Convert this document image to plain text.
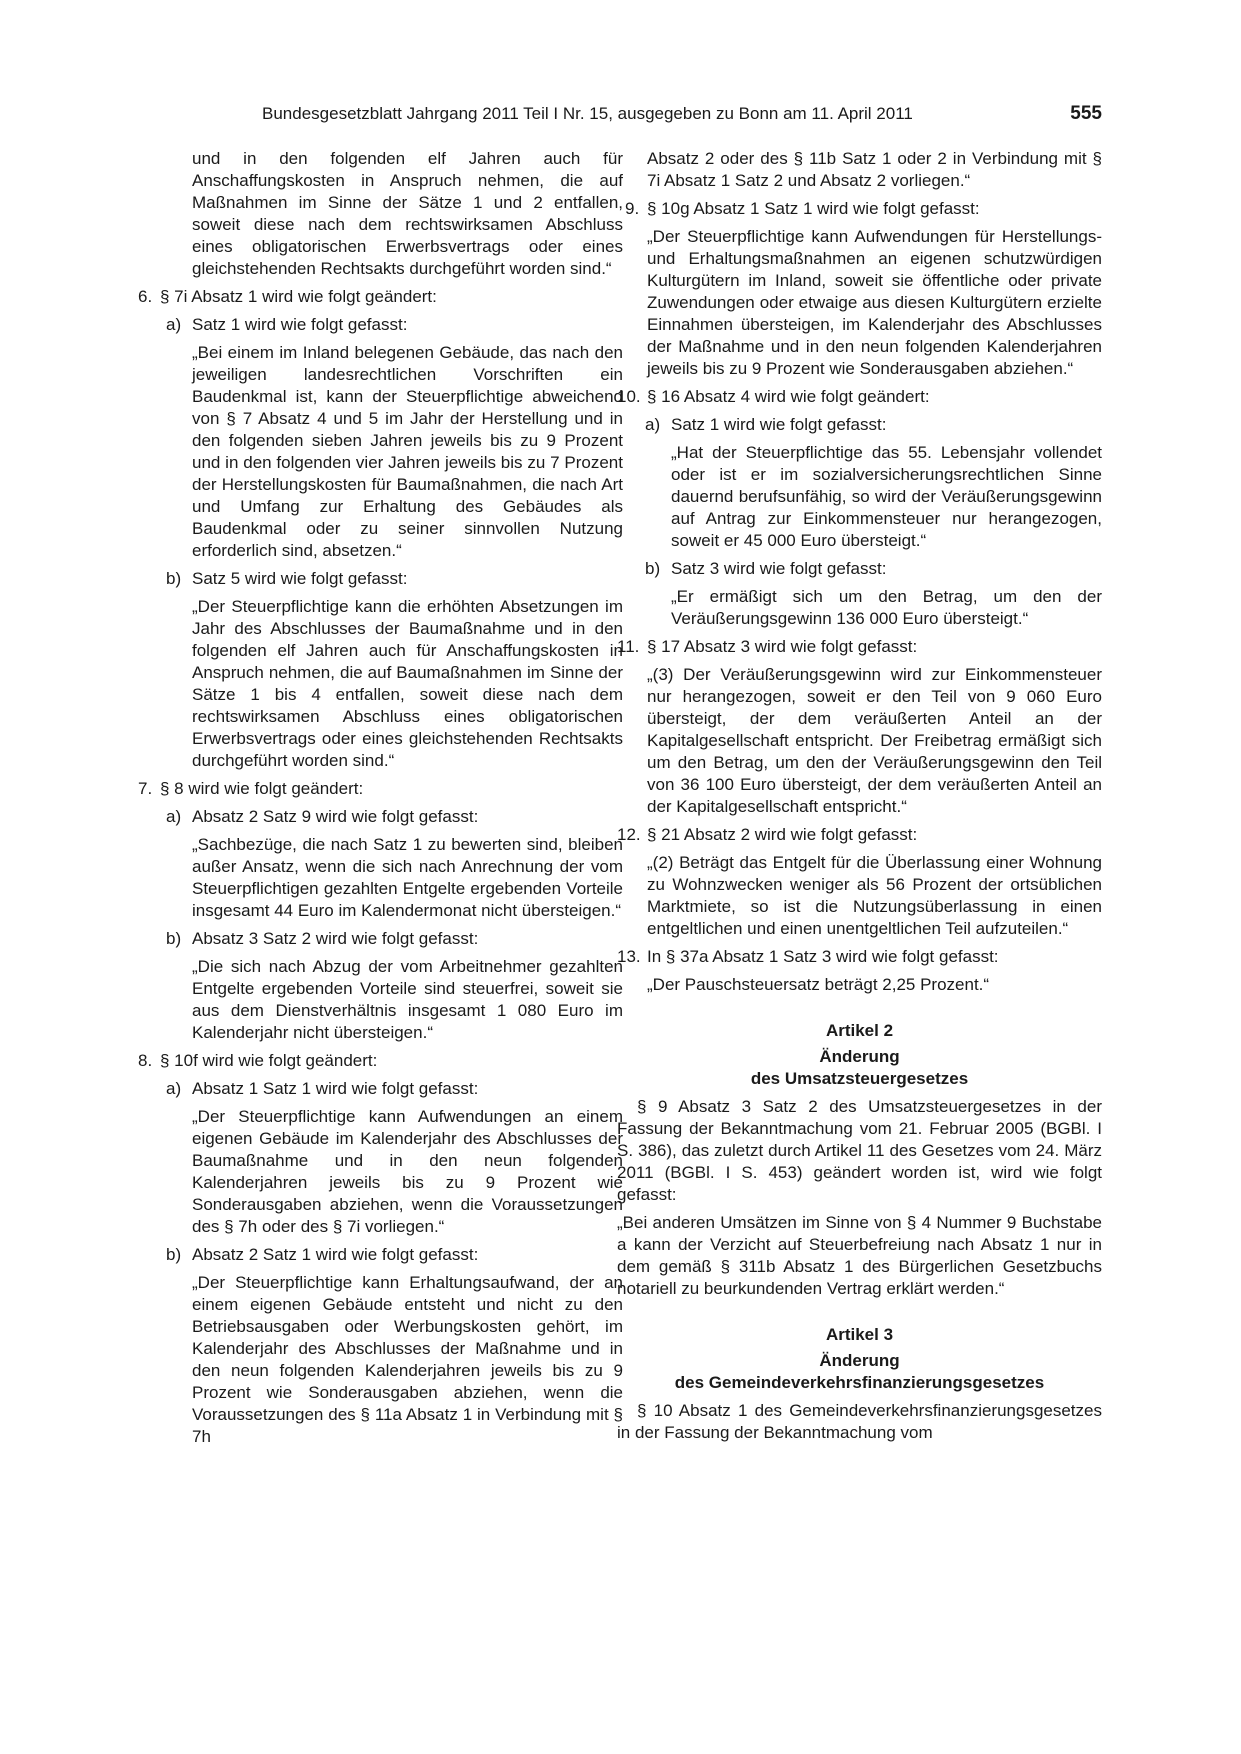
Bundesgesetzblatt Jahrgang 2011 Teil I Nr. 15, ausgegeben zu Bonn am 11. April 2011	555

und in den folgenden elf Jahren auch für Anschaffungskosten in Anspruch nehmen, die auf Maßnahmen im Sinne der Sätze 1 und 2 entfallen, soweit diese nach dem rechtswirksamen Abschluss eines obligatorischen Erwerbsvertrags oder eines gleichstehenden Rechtsakts durchgeführt worden sind.“

6. § 7i Absatz 1 wird wie folgt geändert:
a) Satz 1 wird wie folgt gefasst:

„Bei einem im Inland belegenen Gebäude, das nach den jeweiligen landesrechtlichen Vorschriften ein Baudenkmal ist, kann der Steuerpflichtige abweichend von § 7 Absatz 4 und 5 im Jahr der Herstellung und in den folgenden sieben Jahren jeweils bis zu 9 Prozent und in den folgenden vier Jahren jeweils bis zu 7 Prozent der Herstellungskosten für Baumaßnahmen, die nach Art und Umfang zur Erhaltung des Gebäudes als Baudenkmal oder zu seiner sinnvollen Nutzung erforderlich sind, absetzen.“

b) Satz 5 wird wie folgt gefasst:

„Der Steuerpflichtige kann die erhöhten Absetzungen im Jahr des Abschlusses der Baumaßnahme und in den folgenden elf Jahren auch für Anschaffungskosten in Anspruch nehmen, die auf Baumaßnahmen im Sinne der Sätze 1 bis 4 entfallen, soweit diese nach dem rechtswirksamen Abschluss eines obligatorischen Erwerbsvertrags oder eines gleichstehenden Rechtsakts durchgeführt worden sind.“

7. § 8 wird wie folgt geändert:
a) Absatz 2 Satz 9 wird wie folgt gefasst:

„Sachbezüge, die nach Satz 1 zu bewerten sind, bleiben außer Ansatz, wenn die sich nach Anrechnung der vom Steuerpflichtigen gezahlten Entgelte ergebenden Vorteile insgesamt 44 Euro im Kalendermonat nicht übersteigen.“

b) Absatz 3 Satz 2 wird wie folgt gefasst:

„Die sich nach Abzug der vom Arbeitnehmer gezahlten Entgelte ergebenden Vorteile sind steuerfrei, soweit sie aus dem Dienstverhältnis insgesamt 1 080 Euro im Kalenderjahr nicht übersteigen.“

8. § 10f wird wie folgt geändert:
a) Absatz 1 Satz 1 wird wie folgt gefasst:

„Der Steuerpflichtige kann Aufwendungen an einem eigenen Gebäude im Kalenderjahr des Abschlusses der Baumaßnahme und in den neun folgenden Kalenderjahren jeweils bis zu 9 Prozent wie Sonderausgaben abziehen, wenn die Voraussetzungen des § 7h oder des § 7i vorliegen.“

b) Absatz 2 Satz 1 wird wie folgt gefasst:

„Der Steuerpflichtige kann Erhaltungsaufwand, der an einem eigenen Gebäude entsteht und nicht zu den Betriebsausgaben oder Werbungskosten gehört, im Kalenderjahr des Abschlusses der Maßnahme und in den neun folgenden Kalenderjahren jeweils bis zu 9 Prozent wie Sonderausgaben abziehen, wenn die Voraussetzungen des § 11a Absatz 1 in Verbindung mit § 7h

Absatz 2 oder des § 11b Satz 1 oder 2 in Verbindung mit § 7i Absatz 1 Satz 2 und Absatz 2 vorliegen.“

9. § 10g Absatz 1 Satz 1 wird wie folgt gefasst:

„Der Steuerpflichtige kann Aufwendungen für Herstellungs- und Erhaltungsmaßnahmen an eigenen schutzwürdigen Kulturgütern im Inland, soweit sie öffentliche oder private Zuwendungen oder etwaige aus diesen Kulturgütern erzielte Einnahmen übersteigen, im Kalenderjahr des Abschlusses der Maßnahme und in den neun folgenden Kalenderjahren jeweils bis zu 9 Prozent wie Sonderausgaben abziehen.“

10. § 16 Absatz 4 wird wie folgt geändert:
a) Satz 1 wird wie folgt gefasst:

„Hat der Steuerpflichtige das 55. Lebensjahr vollendet oder ist er im sozialversicherungsrechtlichen Sinne dauernd berufsunfähig, so wird der Veräußerungsgewinn auf Antrag zur Einkommensteuer nur herangezogen, soweit er 45 000 Euro übersteigt.“

b) Satz 3 wird wie folgt gefasst:

„Er ermäßigt sich um den Betrag, um den der Veräußerungsgewinn 136 000 Euro übersteigt.“

11. § 17 Absatz 3 wird wie folgt gefasst:

„(3) Der Veräußerungsgewinn wird zur Einkommensteuer nur herangezogen, soweit er den Teil von 9 060 Euro übersteigt, der dem veräußerten Anteil an der Kapitalgesellschaft entspricht. Der Freibetrag ermäßigt sich um den Betrag, um den der Veräußerungsgewinn den Teil von 36 100 Euro übersteigt, der dem veräußerten Anteil an der Kapitalgesellschaft entspricht.“

12. § 21 Absatz 2 wird wie folgt gefasst:

„(2) Beträgt das Entgelt für die Überlassung einer Wohnung zu Wohnzwecken weniger als 56 Prozent der ortsüblichen Marktmiete, so ist die Nutzungsüberlassung in einen entgeltlichen und einen unentgeltlichen Teil aufzuteilen.“

13. In § 37a Absatz 1 Satz 3 wird wie folgt gefasst:

„Der Pauschsteuersatz beträgt 2,25 Prozent.“

Artikel 2

Änderung

des Umsatzsteuergesetzes

§ 9 Absatz 3 Satz 2 des Umsatzsteuergesetzes in der Fassung der Bekanntmachung vom 21. Februar 2005 (BGBl. I S. 386), das zuletzt durch Artikel 11 des Gesetzes vom 24. März 2011 (BGBl. I S. 453) geändert worden ist, wird wie folgt gefasst:

„Bei anderen Umsätzen im Sinne von § 4 Nummer 9 Buchstabe a kann der Verzicht auf Steuerbefreiung nach Absatz 1 nur in dem gemäß § 311b Absatz 1 des Bürgerlichen Gesetzbuchs notariell zu beurkundenden Vertrag erklärt werden.“

Artikel 3

Änderung

des Gemeindeverkehrsfinanzierungsgesetzes

§ 10 Absatz 1 des Gemeindeverkehrsfinanzierungsgesetzes in der Fassung der Bekanntmachung vom
